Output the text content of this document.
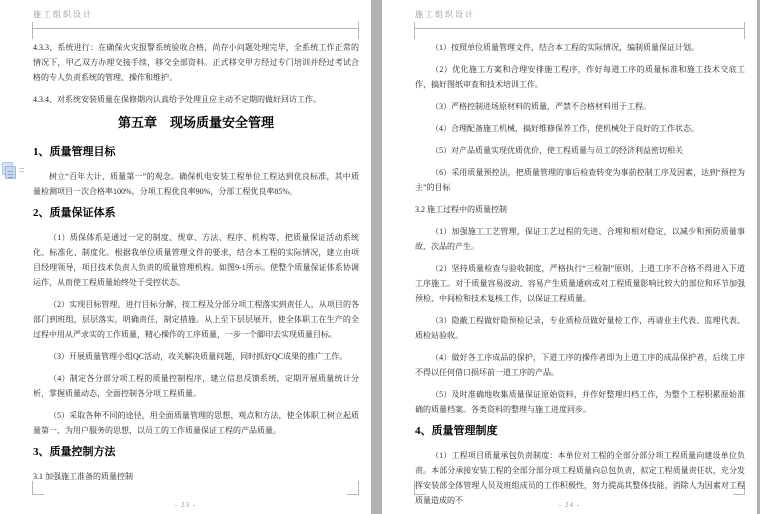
施工组织设计

4.3.3、系统进行：在确保火灾报警系统验收合格，尚存小问题处理完毕，全系统工作正常的情况下，甲乙双方办理交接手续，移交全部资料。正式移交甲方经过专门培训并经过考试合格的专人负责系统的管理、操作和维护。

4.3.4、对系统安装质量在保修期内认真给予处理且应主动不定期的做好回访工作。

第五章　现场质量安全管理
1、质量管理目标

树立“百年大计、质量第一”的观念。确保机电安装工程单位工程达到优良标准，其中质量检测项目一次合格率100%，分项工程优良率90%，分部工程优良率85%。

2、质量保证体系

（1）质保体系是通过一定的制度、规章、方法、程序、机构等，把质量保证活动系统化、标准化、制度化。根据我单位质量管理文件的要求，结合本工程的实际情况，建立由项目经理领导，项目技术负责人负责的质量管理机构。如图9-1所示。使整个质量保证体系协调运作，从而使工程质量始终处于受控状态。

（2）实现目标管理，进行目标分解，按工程及分部分项工程落实到责任人，从项目的各部门到班组，层层落实，明确责任，制定措施。从上至下层层展开，使全体职工在生产的全过程中用从严求实的工作质量，精心操作的工序质量，一步一个脚印去实现质量目标。

（3）开展质量管理小组QC活动，攻关解决质量问题，同时抓好QC成果的推广工作。

（4）制定各分部分项工程的质量控制程序，建立信息反馈系统，定期开展质量统计分析，掌握质量动态，全面控制各分项工程质量。

（5）采取各种不同的途径，用全面质量管理的思想、观点和方法，使全体职工树立起质量第一、为用户服务的思想，以员工的工作质量保证工程的产品质量。

3、质量控制方法

3.1 加强施工准备的质量控制

- 23 -
施工组织设计

（1）按照单位质量管理文件，结合本工程的实际情况，编制质量保证计划。

（2）优化施工方案和合理安排施工程序，作好每道工序的质量标准和施工技术交底工作，搞好图纸审查和技术培训工作。

（3）严格控制进场原材料的质量，严禁不合格材料用于工程。

（4）合理配备施工机械，搞好维修保养工作，使机械处于良好的工作状态。

（5）对产品质量实现优质优价，使工程质量与员工的经济利益密切相关

（6）采用质量预控法，把质量管理的事后检查转变为事前控制工序及因素，达到“预控为主”的目标

3.2 施工过程中的质量控制

（1）加强施工工艺管理，保证工艺过程的先进、合理和相对稳定，以减少和预防质量事故、次品的产生。

（2）坚持质量检查与验收制度，严格执行“三检制”原则，上道工序不合格不得进入下道工序施工。对于质量容易波动、容易产生质量通病或对工程质量影响比较大的部位和环节加强预检、中间检和技术复核工作，以保证工程质量。

（3）隐蔽工程做好隐预检记录，专业质检员做好量检工作，再请业主代表、监理代表、质检站验收。

（4）做好各工序成品的保护，下道工序的操作者即为上道工序的成品保护者，后续工序不得以任何借口损坏前一道工序的产品。

（5）及时准确地收集质量保证原始资料，并作好整理归档工作，为整个工程积累原始准确的质量档案。各类资料的整理与施工进度同步。

4、质量管理制度

（1）工程项目质量承包负责制度：本单位对工程的全部分部分项工程质量向建设单位负责。本部分承接安装工程的全部分部分项工程质量向总包负责，拟定工程质量责任状，充分发挥安装部全体管理人员及班组成员的工作积极性，努力提高其整体技能，消除人为因素对工程质量造成的不	- 24 -
